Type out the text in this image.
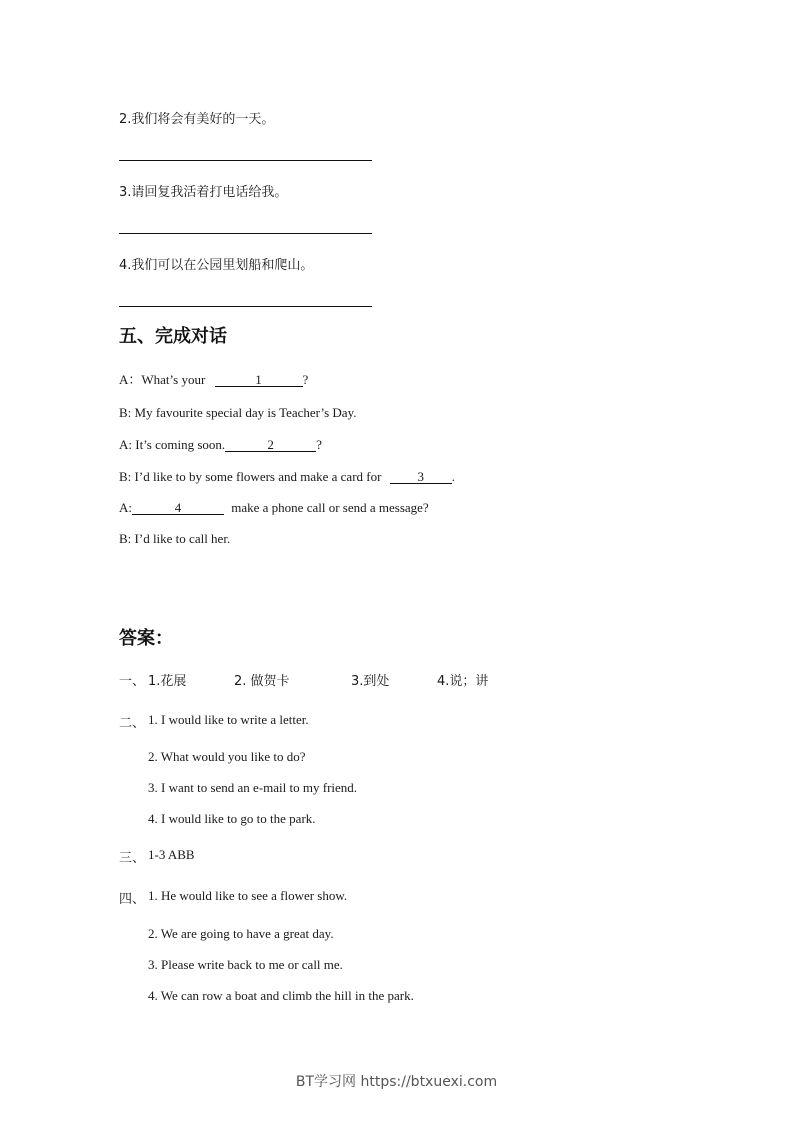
2.我们将会有美好的一天。
3.请回复我活着打电话给我。
4.我们可以在公园里划船和爬山。
五、完成对话
A：What’s your	1	?
B: My favourite special day is Teacher’s Day.
A: It’s coming soon.	2	?
B: I’d like to by some flowers and make a card for	3 .
A:	4	make a phone call or send a message?
B: I’d like to call her.
答案：
一、 1.花展	2. 做贺卡	3.到处	4.说；讲
二、 1. I would like to write a letter.
2. What would you like to do?
3. I want to send an e-mail to my friend.
4. I would like to go to the park.
三、 1-3 ABB
四、 1. He would like to see a flower show.
2. We are going to have a great day.
3. Please write back to me or call me.
4. We can row a boat and climb the hill in the park.
BT学习网 https://btxuexi.com
